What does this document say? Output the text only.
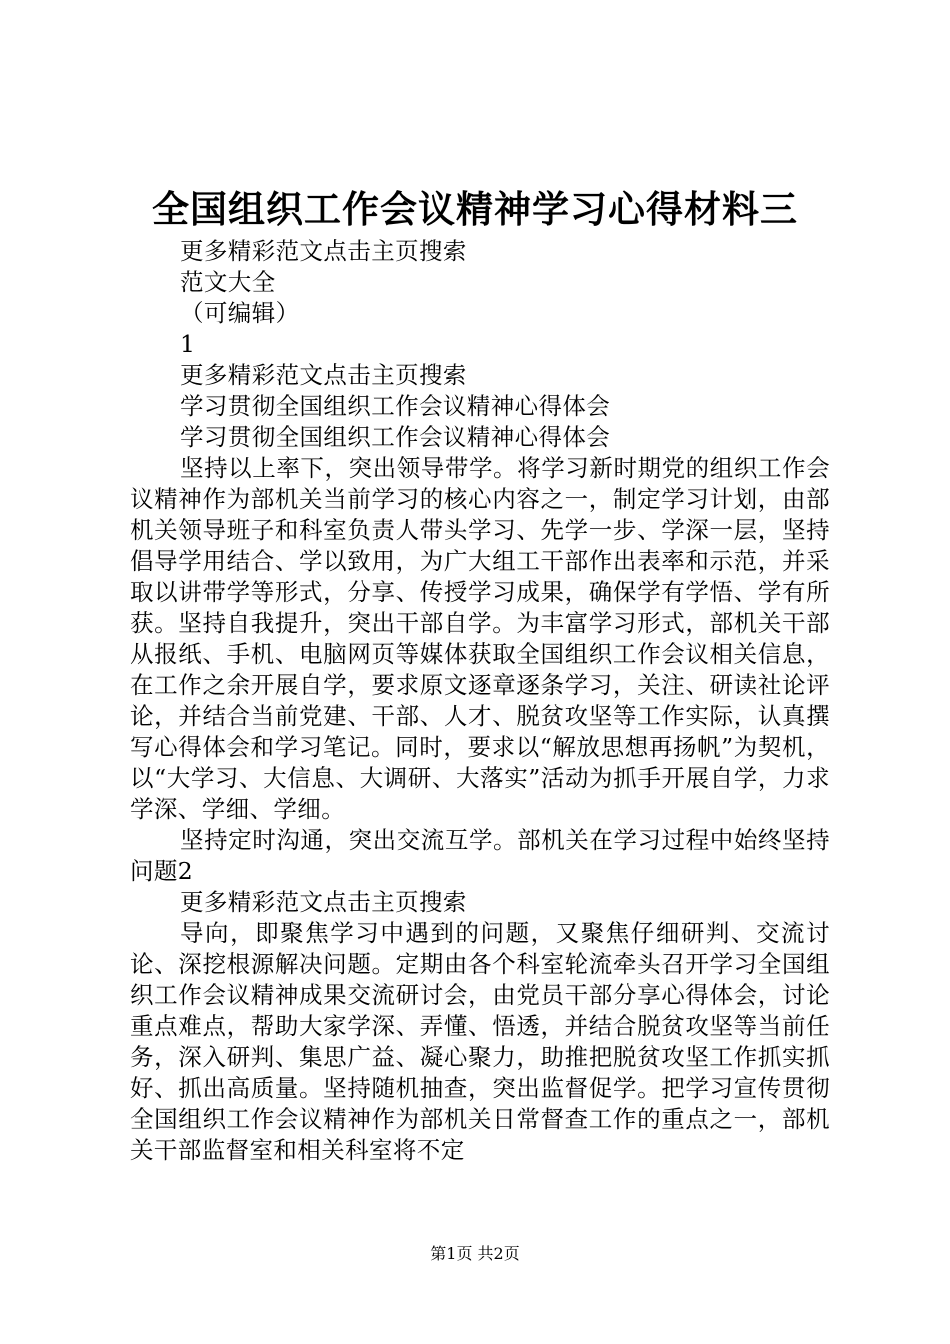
全国组织工作会议精神学习心得材料三
更多精彩范文点击主页搜索
范文大全
（可编辑）
1
更多精彩范文点击主页搜索
学习贯彻全国组织工作会议精神心得体会
学习贯彻全国组织工作会议精神心得体会
坚持以上率下，突出领导带学。将学习新时期党的组织工作会议精神作为部机关当前学习的核心内容之一，制定学习计划，由部机关领导班子和科室负责人带头学习、先学一步、学深一层，坚持倡导学用结合、学以致用，为广大组工干部作出表率和示范，并采取以讲带学等形式，分享、传授学习成果，确保学有学悟、学有所获。坚持自我提升，突出干部自学。为丰富学习形式，部机关干部从报纸、手机、电脑网页等媒体获取全国组织工作会议相关信息，在工作之余开展自学，要求原文逐章逐条学习，关注、研读社论评论，并结合当前党建、干部、人才、脱贫攻坚等工作实际，认真撰写心得体会和学习笔记。同时，要求以“解放思想再扬帆”为契机，以“大学习、大信息、大调研、大落实”活动为抓手开展自学，力求学深、学细、学细。
坚持定时沟通，突出交流互学。部机关在学习过程中始终坚持问题2
更多精彩范文点击主页搜索
导向，即聚焦学习中遇到的问题，又聚焦仔细研判、交流讨论、深挖根源解决问题。定期由各个科室轮流牵头召开学习全国组织工作会议精神成果交流研讨会，由党员干部分享心得体会，讨论重点难点，帮助大家学深、弄懂、悟透，并结合脱贫攻坚等当前任务，深入研判、集思广益、凝心聚力，助推把脱贫攻坚工作抓实抓好、抓出高质量。坚持随机抽查，突出监督促学。把学习宣传贯彻全国组织工作会议精神作为部机关日常督查工作的重点之一，部机关干部监督室和相关科室将不定
第1页 共2页
